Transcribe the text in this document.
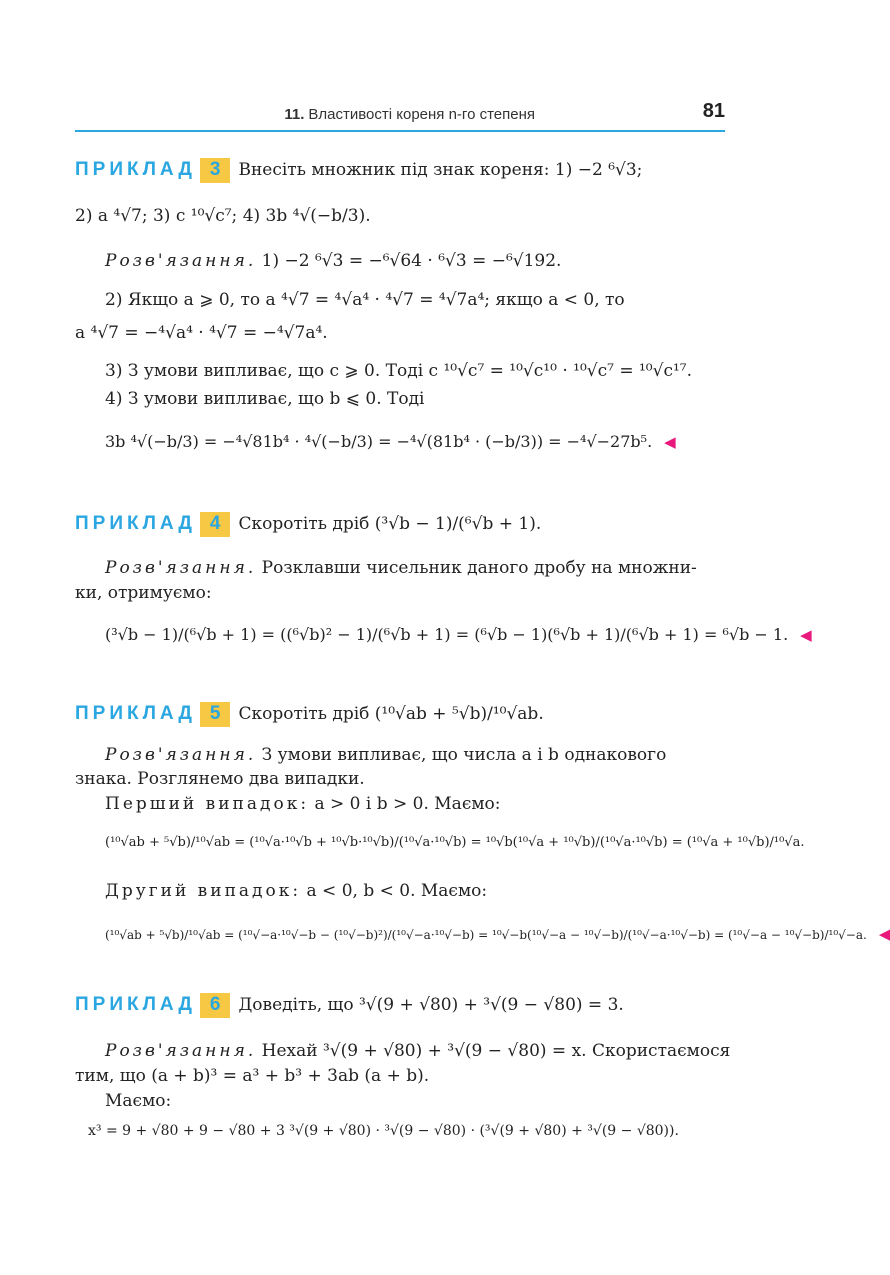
11. Властивості кореня n-го степеня	81
ПРИКЛАД 3 Внесіть множник під знак кореня: 1) −2 ⁶√3;
2) a ⁴√7; 3) c ¹⁰√c⁷; 4) 3b ⁴√(−b/3).
Розв'язання. 1) −2 ⁶√3 = −⁶√64 · ⁶√3 = −⁶√192.
2) Якщо a ⩾ 0, то a ⁴√7 = ⁴√a⁴ · ⁴√7 = ⁴√7a⁴; якщо a < 0, то
a ⁴√7 = −⁴√a⁴ · ⁴√7 = −⁴√7a⁴.
3) З умови випливає, що c ⩾ 0. Тоді c ¹⁰√c⁷ = ¹⁰√c¹⁰ · ¹⁰√c⁷ = ¹⁰√c¹⁷.
4) З умови випливає, що b ⩽ 0. Тоді
3b ⁴√(−b/3) = −⁴√81b⁴ · ⁴√(−b/3) = −⁴√(81b⁴ · (−b/3)) = −⁴√−27b⁵. ◀
ПРИКЛАД 4 Скоротіть дріб (³√b − 1)/(⁶√b + 1).
Розв'язання. Розклавши чисельник даного дробу на множни-
ки, отримуємо:
(³√b − 1)/(⁶√b + 1) = ((⁶√b)² − 1)/(⁶√b + 1) = (⁶√b − 1)(⁶√b + 1)/(⁶√b + 1) = ⁶√b − 1. ◀
ПРИКЛАД 5 Скоротіть дріб (¹⁰√ab + ⁵√b)/¹⁰√ab.
Розв'язання. З умови випливає, що числа a і b однакового
знака. Розглянемо два випадки.
Перший випадок: a > 0 і b > 0. Маємо:
(¹⁰√ab + ⁵√b)/¹⁰√ab = (¹⁰√a·¹⁰√b + ¹⁰√b·¹⁰√b)/(¹⁰√a·¹⁰√b) = ¹⁰√b(¹⁰√a + ¹⁰√b)/(¹⁰√a·¹⁰√b) = (¹⁰√a + ¹⁰√b)/¹⁰√a.
Другий випадок: a < 0, b < 0. Маємо:
(¹⁰√ab + ⁵√b)/¹⁰√ab = (¹⁰√−a·¹⁰√−b − (¹⁰√−b)²)/(¹⁰√−a·¹⁰√−b) = ¹⁰√−b(¹⁰√−a − ¹⁰√−b)/(¹⁰√−a·¹⁰√−b) = (¹⁰√−a − ¹⁰√−b)/¹⁰√−a. ◀
ПРИКЛАД 6 Доведіть, що ³√(9 + √80) + ³√(9 − √80) = 3.
Розв'язання. Нехай ³√(9 + √80) + ³√(9 − √80) = x. Скористаємося
тим, що (a + b)³ = a³ + b³ + 3ab (a + b).
Маємо:
x³ = 9 + √80 + 9 − √80 + 3 ³√(9 + √80) · ³√(9 − √80) · (³√(9 + √80) + ³√(9 − √80)).
